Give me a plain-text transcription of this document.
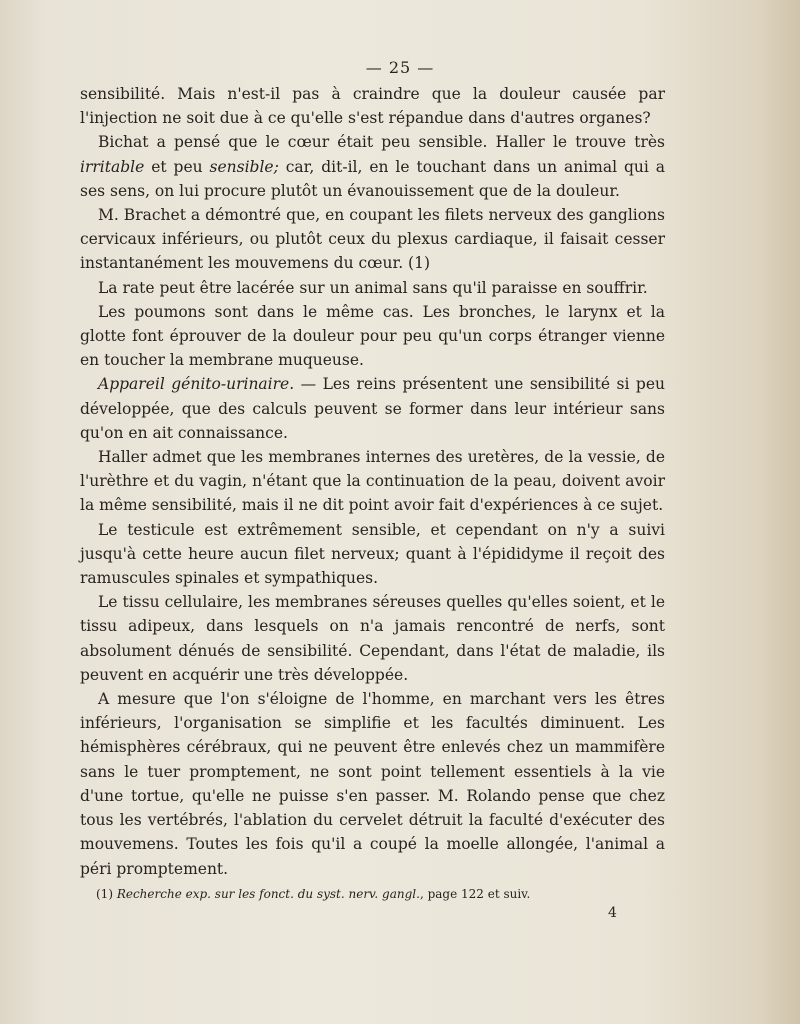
— 25 —

sensibilité. Mais n'est-il pas à craindre que la douleur causée par l'injection ne soit due à ce qu'elle s'est répandue dans d'autres organes?

Bichat a pensé que le cœur était peu sensible. Haller le trouve très irritable et peu sensible; car, dit-il, en le touchant dans un animal qui a ses sens, on lui procure plutôt un évanouissement que de la douleur.

M. Brachet a démontré que, en coupant les filets nerveux des ganglions cervicaux inférieurs, ou plutôt ceux du plexus cardiaque, il faisait cesser instantanément les mouvemens du cœur. (1)

La rate peut être lacérée sur un animal sans qu'il paraisse en souffrir.

Les poumons sont dans le même cas. Les bronches, le larynx et la glotte font éprouver de la douleur pour peu qu'un corps étranger vienne en toucher la membrane muqueuse.

Appareil génito-urinaire. — Les reins présentent une sensibilité si peu développée, que des calculs peuvent se former dans leur intérieur sans qu'on en ait connaissance.

Haller admet que les membranes internes des uretères, de la vessie, de l'urèthre et du vagin, n'étant que la continuation de la peau, doivent avoir la même sensibilité, mais il ne dit point avoir fait d'expériences à ce sujet.

Le testicule est extrêmement sensible, et cependant on n'y a suivi jusqu'à cette heure aucun filet nerveux; quant à l'épididyme il reçoit des ramuscules spinales et sympathiques.

Le tissu cellulaire, les membranes séreuses quelles qu'elles soient, et le tissu adipeux, dans lesquels on n'a jamais rencontré de nerfs, sont absolument dénués de sensibilité. Cependant, dans l'état de maladie, ils peuvent en acquérir une très développée.

A mesure que l'on s'éloigne de l'homme, en marchant vers les êtres inférieurs, l'organisation se simplifie et les facultés diminuent. Les hémisphères cérébraux, qui ne peuvent être enlevés chez un mammifère sans le tuer promptement, ne sont point tellement essentiels à la vie d'une tortue, qu'elle ne puisse s'en passer. M. Rolando pense que chez tous les vertébrés, l'ablation du cervelet détruit la faculté d'exécuter des mouvemens. Toutes les fois qu'il a coupé la moelle allongée, l'animal a péri promptement.

(1) Recherche exp. sur les fonct. du syst. nerv. gangl., page 122 et suiv.
4
